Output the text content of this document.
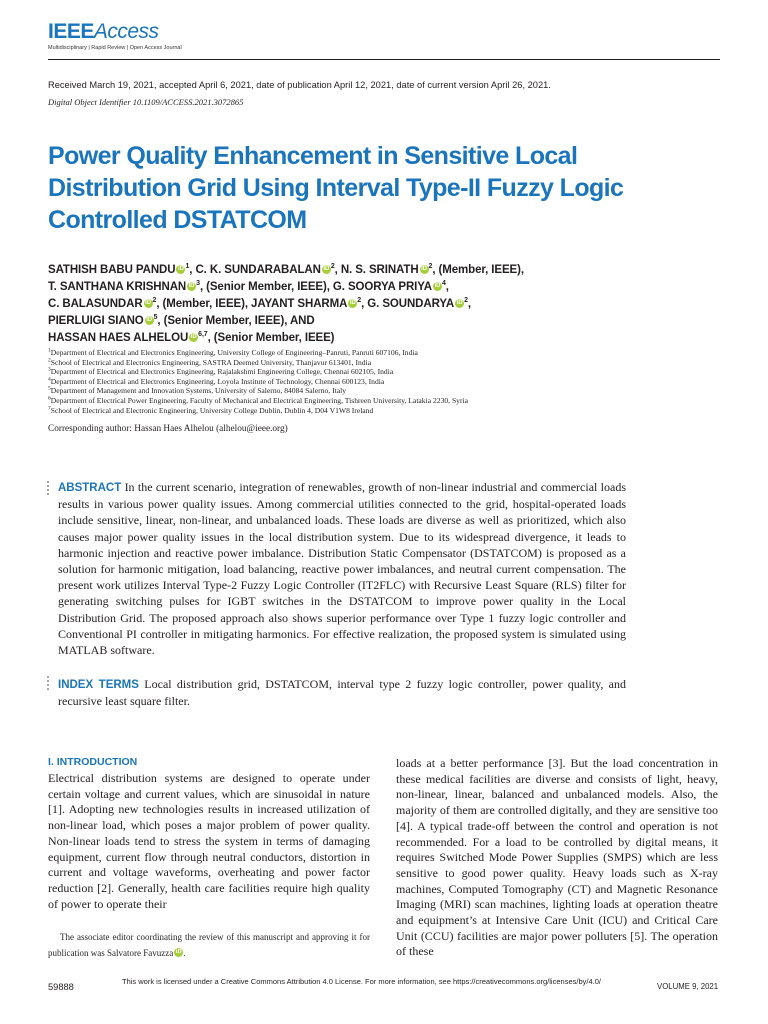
IEEEAccess
Multidisciplinary | Rapid Review | Open Access Journal
Received March 19, 2021, accepted April 6, 2021, date of publication April 12, 2021, date of current version April 26, 2021.
Digital Object Identifier 10.1109/ACCESS.2021.3072865
Power Quality Enhancement in Sensitive Local Distribution Grid Using Interval Type-II Fuzzy Logic Controlled DSTATCOM
SATHISH BABU PANDU iD $^1$, C. K. SUNDARABALAN iD $^2$, N. S. SRINATH iD $^2$, (Member, IEEE),
T. SANTHANA KRISHNAN iD $^3$, (Senior Member, IEEE), G. SOORYA PRIYA iD $^4$,
C. BALASUNDAR iD $^2$, (Member, IEEE), JAYANT SHARMA iD $^2$, G. SOUNDARYA iD $^2$,
PIERLUIGI SIANO iD $^5$, (Senior Member, IEEE), AND
HASSAN HAES ALHELOU iD $^{6,7}$, (Senior Member, IEEE)
$^1$Department of Electrical and Electronics Engineering, University College of Engineering–Panruti, Panruti 607106, India
$^2$School of Electrical and Electronics Engineering, SASTRA Deemed University, Thanjavur 613401, India
$^3$Department of Electrical and Electronics Engineering, Rajalakshmi Engineering College, Chennai 602105, India
$^4$Department of Electrical and Electronics Engineering, Loyola Institute of Technology, Chennai 600123, India
$^5$Department of Management and Innovation Systems, University of Salerno, 84084 Salerno, Italy
$^6$Department of Electrical Power Engineering, Faculty of Mechanical and Electrical Engineering, Tishreen University, Latakia 2230, Syria
$^7$School of Electrical and Electronic Engineering, University College Dublin, Dublin 4, D04 V1W8 Ireland
Corresponding author: Hassan Haes Alhelou (alhelou@ieee.org)
ABSTRACT In the current scenario, integration of renewables, growth of non-linear industrial and commercial loads results in various power quality issues. Among commercial utilities connected to the grid, hospital-operated loads include sensitive, linear, non-linear, and unbalanced loads. These loads are diverse as well as prioritized, which also causes major power quality issues in the local distribution system. Due to its widespread divergence, it leads to harmonic injection and reactive power imbalance. Distribution Static Compensator (DSTATCOM) is proposed as a solution for harmonic mitigation, load balancing, reactive power imbalances, and neutral current compensation. The present work utilizes Interval Type-2 Fuzzy Logic Controller (IT2FLC) with Recursive Least Square (RLS) filter for generating switching pulses for IGBT switches in the DSTATCOM to improve power quality in the Local Distribution Grid. The proposed approach also shows superior performance over Type 1 fuzzy logic controller and Conventional PI controller in mitigating harmonics. For effective realization, the proposed system is simulated using MATLAB software.
INDEX TERMS Local distribution grid, DSTATCOM, interval type 2 fuzzy logic controller, power quality, and recursive least square filter.
I. INTRODUCTION

Electrical distribution systems are designed to operate under certain voltage and current values, which are sinusoidal in nature [1]. Adopting new technologies results in increased utilization of non-linear load, which poses a major problem of power quality. Non-linear loads tend to stress the system in terms of damaging equipment, current flow through neutral conductors, distortion in current and voltage waveforms, overheating and power factor reduction [2]. Generally, health care facilities require high quality of power to operate their

loads at a better performance [3]. But the load concentration in these medical facilities are diverse and consists of light, heavy, non-linear, linear, balanced and unbalanced models. Also, the majority of them are controlled digitally, and they are sensitive too [4]. A typical trade-off between the control and operation is not recommended. For a load to be controlled by digital means, it requires Switched Mode Power Supplies (SMPS) which are less sensitive to good power quality. Heavy loads such as X-ray machines, Computed Tomography (CT) and Magnetic Resonance Imaging (MRI) scan machines, lighting loads at operation theatre and equipment’s at Intensive Care Unit (ICU) and Critical Care Unit (CCU) facilities are major power polluters [5]. The operation of these

The associate editor coordinating the review of this manuscript and approving it for publication was Salvatore Favuzza iD .
59888
This work is licensed under a Creative Commons Attribution 4.0 License. For more information, see https://creativecommons.org/licenses/by/4.0/
VOLUME 9, 2021
